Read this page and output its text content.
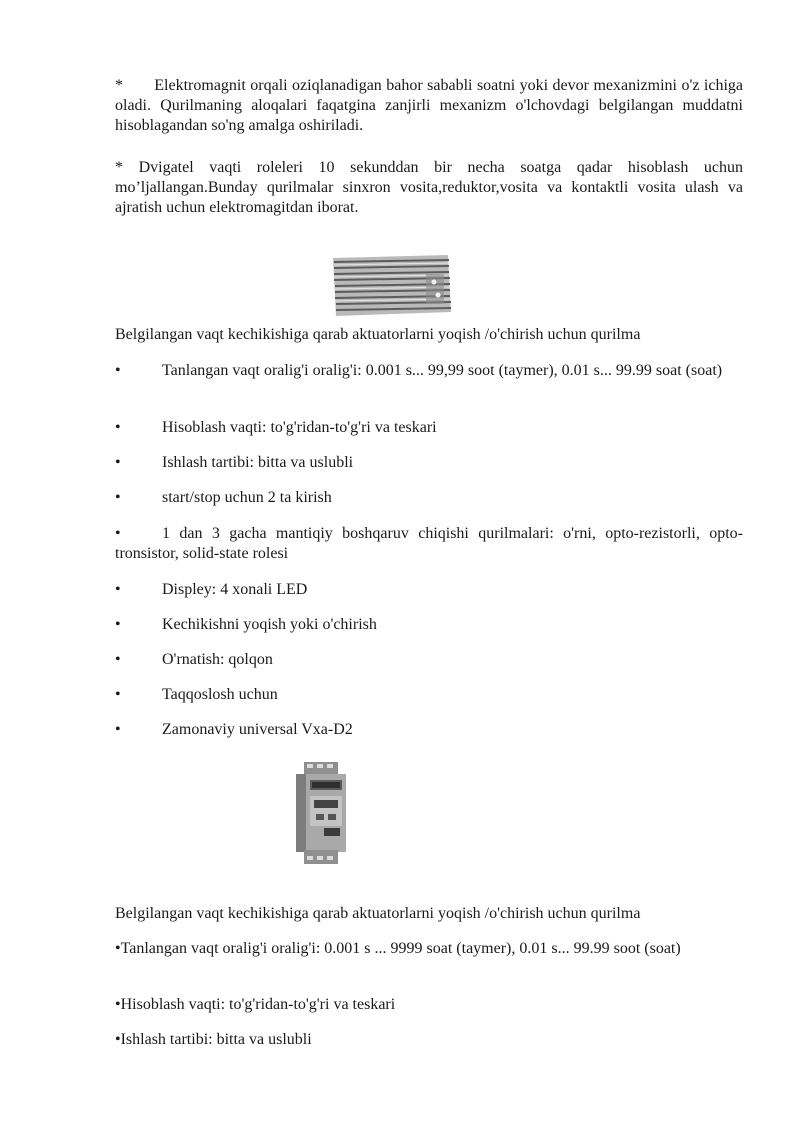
*       Elektromagnit orqali oziqlanadigan bahor sababli soatni yoki devor mexanizmini o'z ichiga oladi. Qurilmaning aloqalari faqatgina zanjirli mexanizm o'lchovdagi belgilangan muddatni hisoblagandan so'ng amalga oshiriladi.

* Dvigatel vaqti roleleri 10 sekunddan bir necha soatga qadar hisoblash uchun mo’ljallangan.Bunday qurilmalar sinxron vosita,reduktor,vosita va kontaktli vosita ulash va ajratish uchun elektromagitdan iborat.

Belgilangan vaqt kechikishiga qarab aktuatorlarni yoqish /o'chirish uchun qurilma

•	Tanlangan vaqt oralig'i oralig'i: 0.001 s... 99,99 soot (taymer), 0.01 s... 99.99 soat (soat)

•	Hisoblash vaqti: to'g'ridan-to'g'ri va teskari

•	Ishlash tartibi: bitta va uslubli

•	start/stop uchun 2 ta kirish

•	1 dan 3 gacha mantiqiy boshqaruv chiqishi qurilmalari: o'rni, opto-rezistorli, opto-tronsistor, solid-state rolesi

•	Displey: 4 xonali LED

•	Kechikishni yoqish yoki o'chirish

•	O'rnatish: qolqon

•	Taqqoslosh uchun

•	Zamonaviy universal Vxa-D2

Belgilangan vaqt kechikishiga qarab aktuatorlarni yoqish /o'chirish uchun qurilma

•Tanlangan vaqt oralig'i oralig'i: 0.001 s ... 9999 soat (taymer), 0.01 s... 99.99 soot (soat)

•Hisoblash vaqti: to'g'ridan-to'g'ri va teskari

•Ishlash tartibi: bitta va uslubli
